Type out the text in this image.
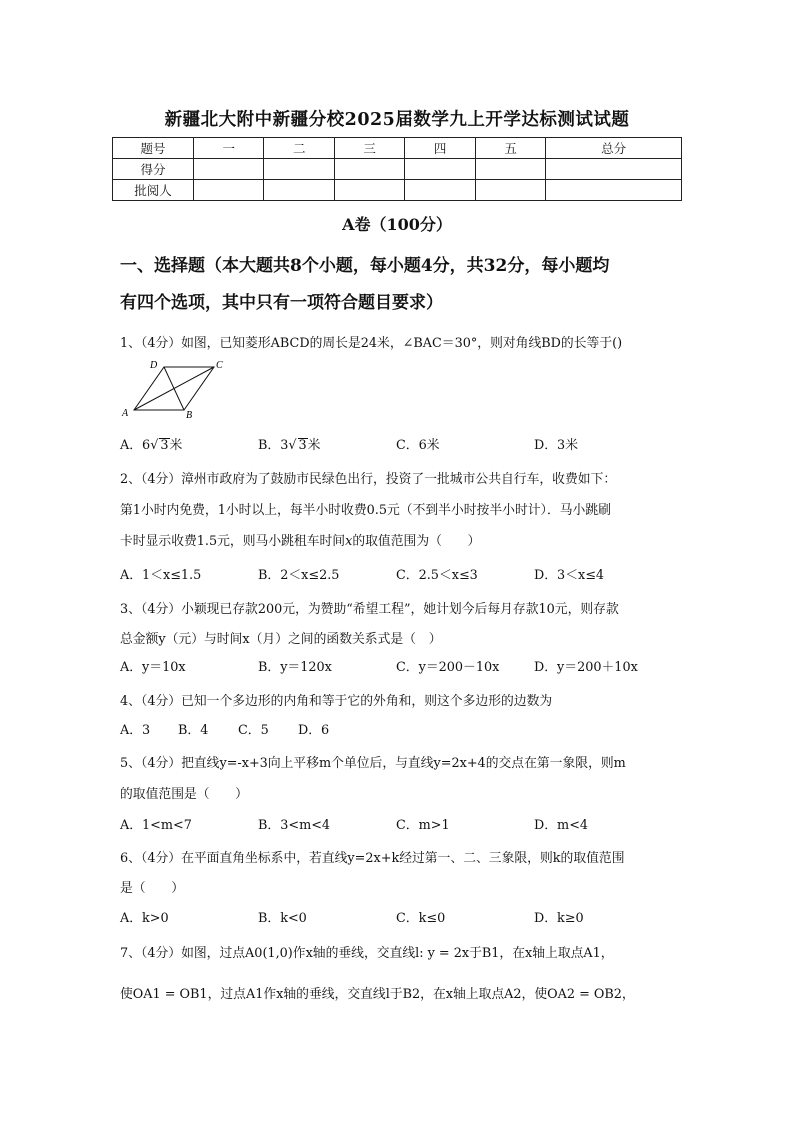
新疆北大附中新疆分校2025届数学九上开学达标测试试题
题号	一	二	三	四	五	总分
得分						
批阅人						
A卷（100分）
一、选择题（本大题共8个小题，每小题4分，共32分，每小题均
有四个选项，其中只有一项符合题目要求）
1、（4分）如图，已知菱形ABCD的周长是24米，∠BAC＝30°，则对角线BD的长等于()
D	C
A	B
A．6√ 3米	B．3√ 3米	C．6米	D．3米
2、（4分）漳州市政府为了鼓励市民绿色出行，投资了一批城市公共自行车，收费如下：
第1小时内免费，1小时以上，每半小时收费0.5元（不到半小时按半小时计）．马小跳刷
卡时显示收费1.5元，则马小跳租车时间x的取值范围为（　　）
A．1＜x≤1.5	B．2＜x≤2.5	C．2.5＜x≤3	D．3＜x≤4
3、（4分）小颖现已存款200元，为赞助“希望工程”，她计划今后每月存款10元，则存款
总金额y（元）与时间x（月）之间的函数关系式是（　）
A．y＝10x	B．y＝120x	C．y＝200－10x	D．y＝200＋10x
4、（4分）已知一个多边形的内角和等于它的外角和，则这个多边形的边数为
A．3 B．4 C．5 D．6
5、（4分）把直线y=-x+3向上平移m个单位后，与直线y=2x+4的交点在第一象限，则m
的取值范围是（　　）
A．1<m<7	B．3<m<4	C．m>1	D．m<4
6、（4分）在平面直角坐标系中，若直线y=2x+k经过第一、二、三象限，则k的取值范围
是（　　）
A．k>0	B．k<0	C．k≤0	D．k≥0
7、（4分）如图，过点A0(1,0)作x轴的垂线，交直线l: y = 2x于B1，在x轴上取点A1，
使OA1 = OB1，过点A1作x轴的垂线，交直线l于B2，在x轴上取点A2，使OA2 = OB2，
